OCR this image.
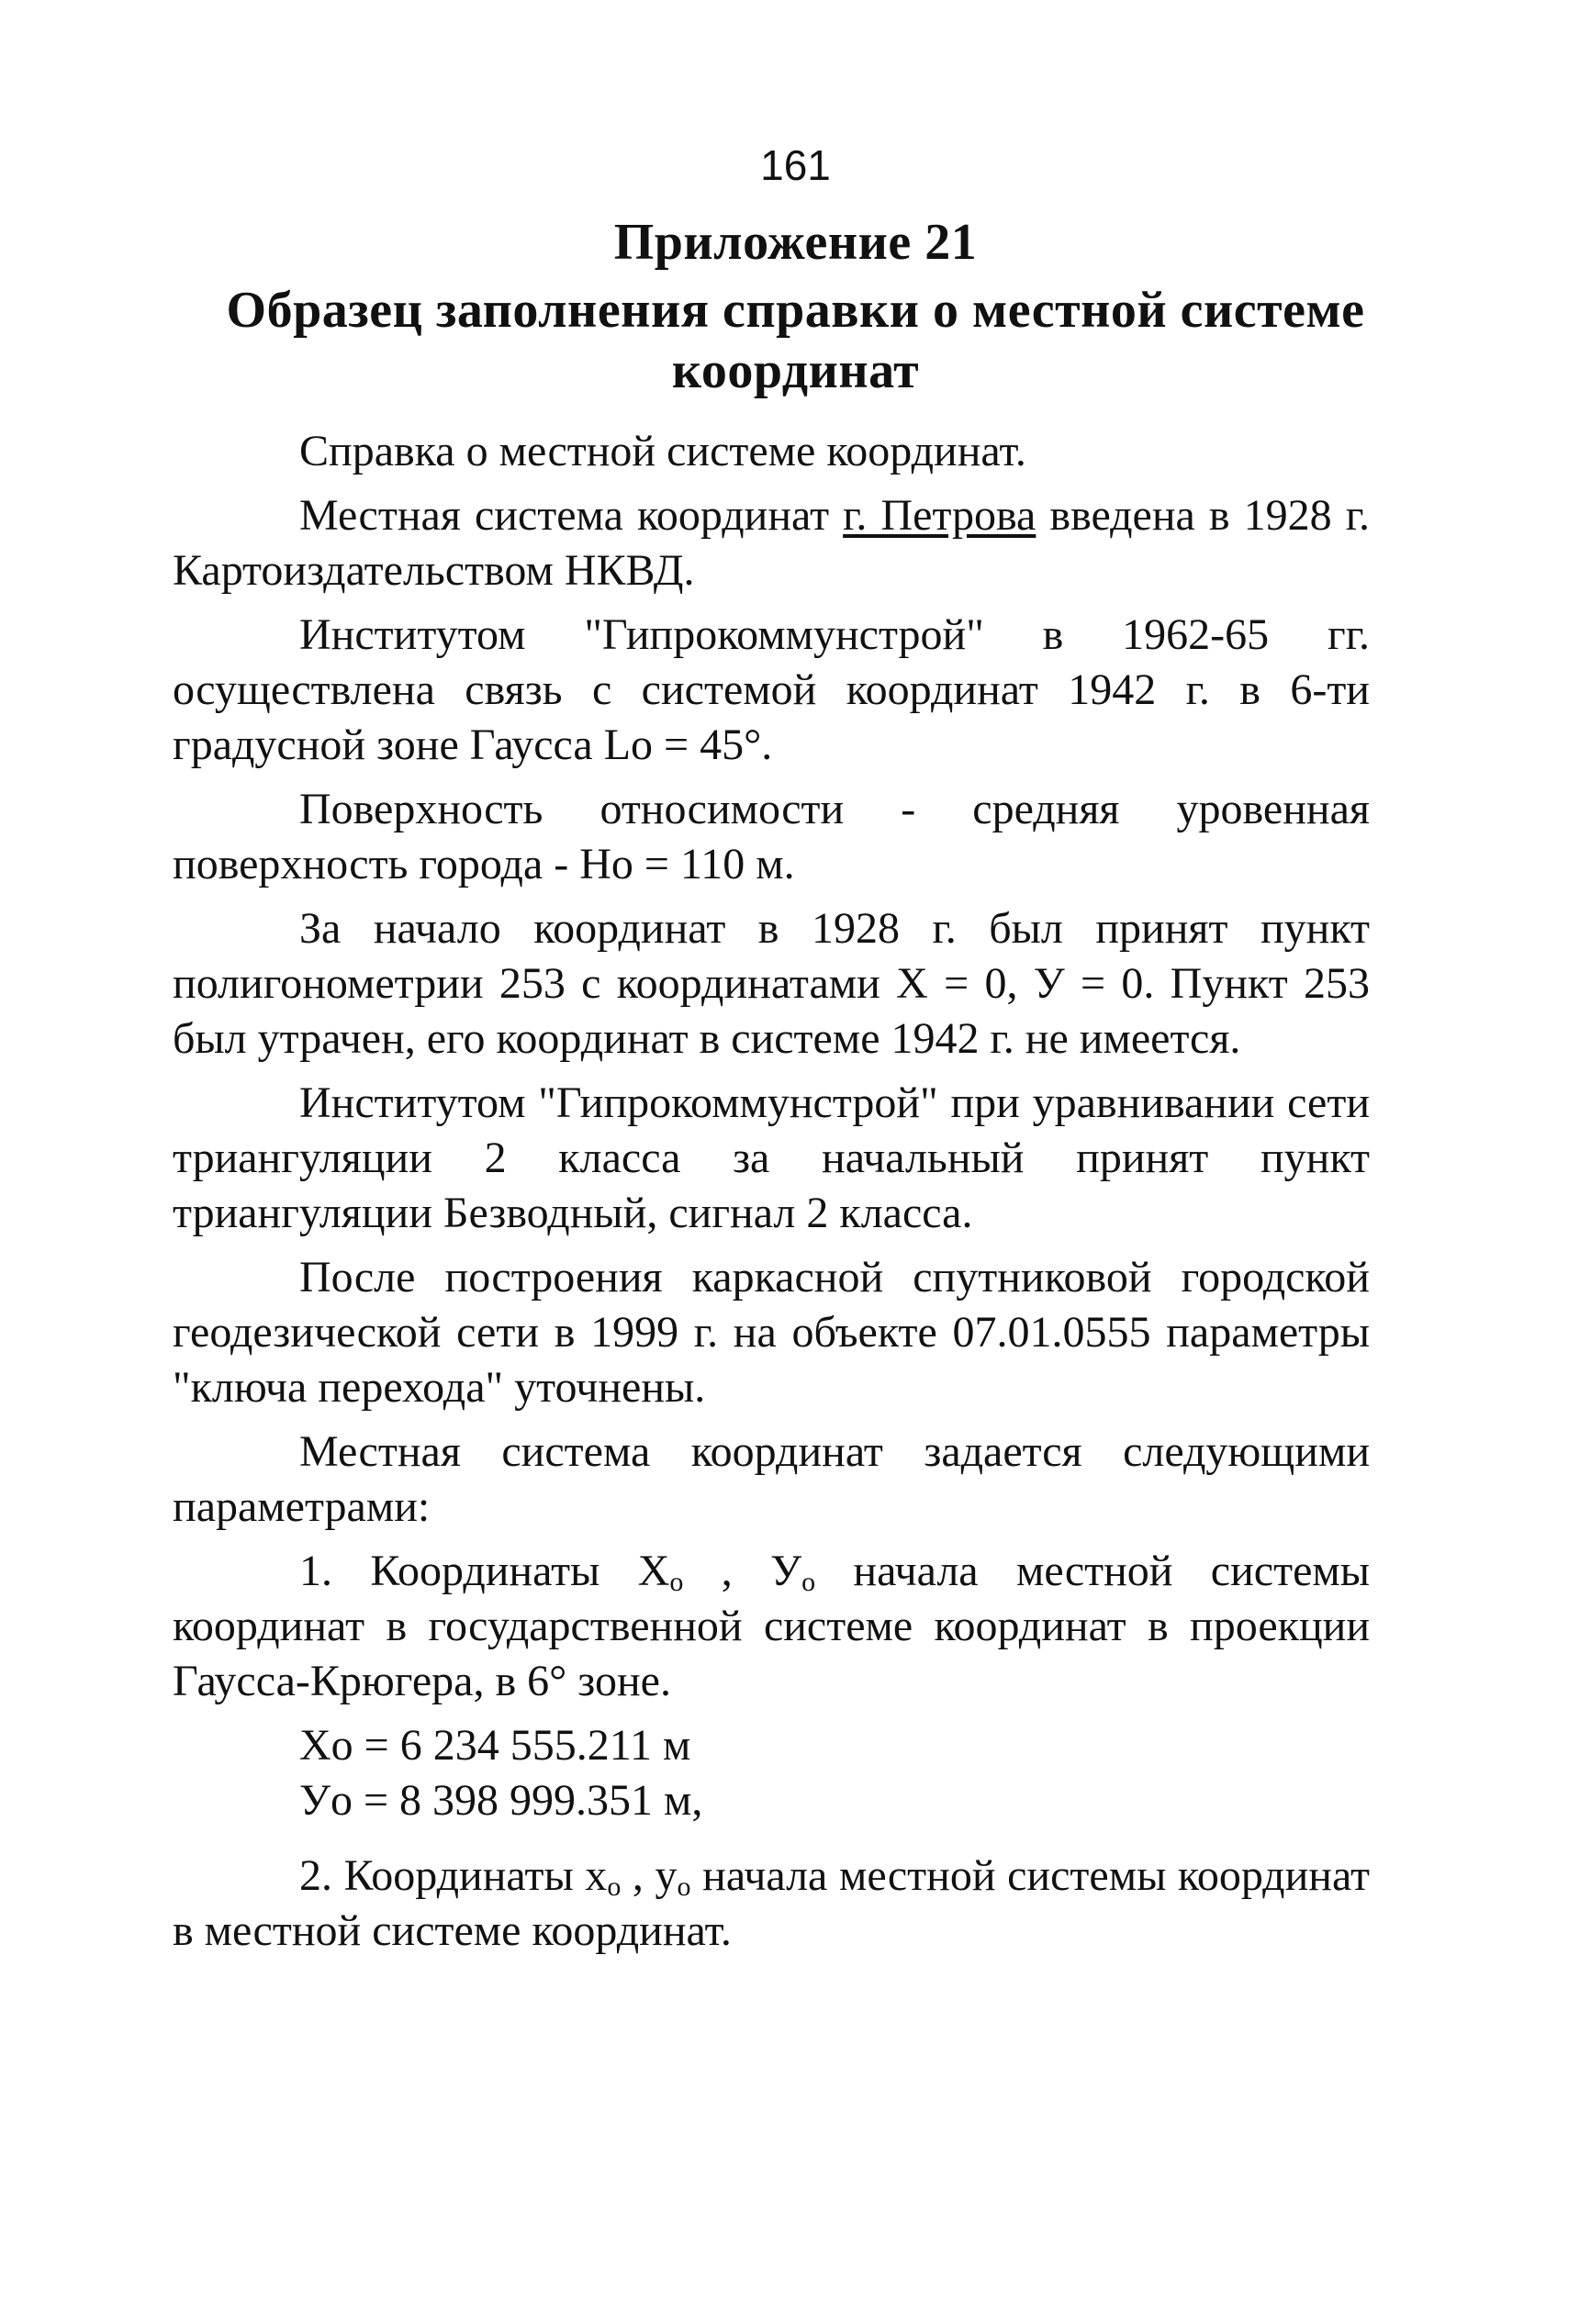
161
Приложение 21
Образец заполнения справки о местной системе
координат

Справка о местной системе координат.

Местная система координат г. Петрова введена в 1928 г. Картоиздательством НКВД.

Институтом "Гипрокоммунстрой" в 1962-65 гг. осуществлена связь с системой координат 1942 г. в 6-ти градусной зоне Гаусса Lo = 45°.

Поверхность относимости - средняя уровенная поверхность города - Ho = 110 м.

За начало координат в 1928 г. был принят пункт полигонометрии 253 с координатами X = 0, У = 0. Пункт 253 был утрачен, его координат в системе 1942 г. не имеется.

Институтом "Гипрокоммунстрой" при уравнивании сети триангуляции 2 класса за начальный принят пункт триангуляции Безводный, сигнал 2 класса.

После построения каркасной спутниковой городской геодезической сети в 1999 г. на объекте 07.01.0555 параметры "ключа перехода" уточнены.

Местная система координат задается следующими параметрами:

1. Координаты $X_o$ , $У_o$ начала местной системы координат в государственной системе координат в проекции Гаусса-Крюгера, в 6° зоне.

Xo = 6 234 555.211 м

Уo = 8 398 999.351 м,

2. Координаты $x_o$ , $y_o$ начала местной системы координат в местной системе координат.
